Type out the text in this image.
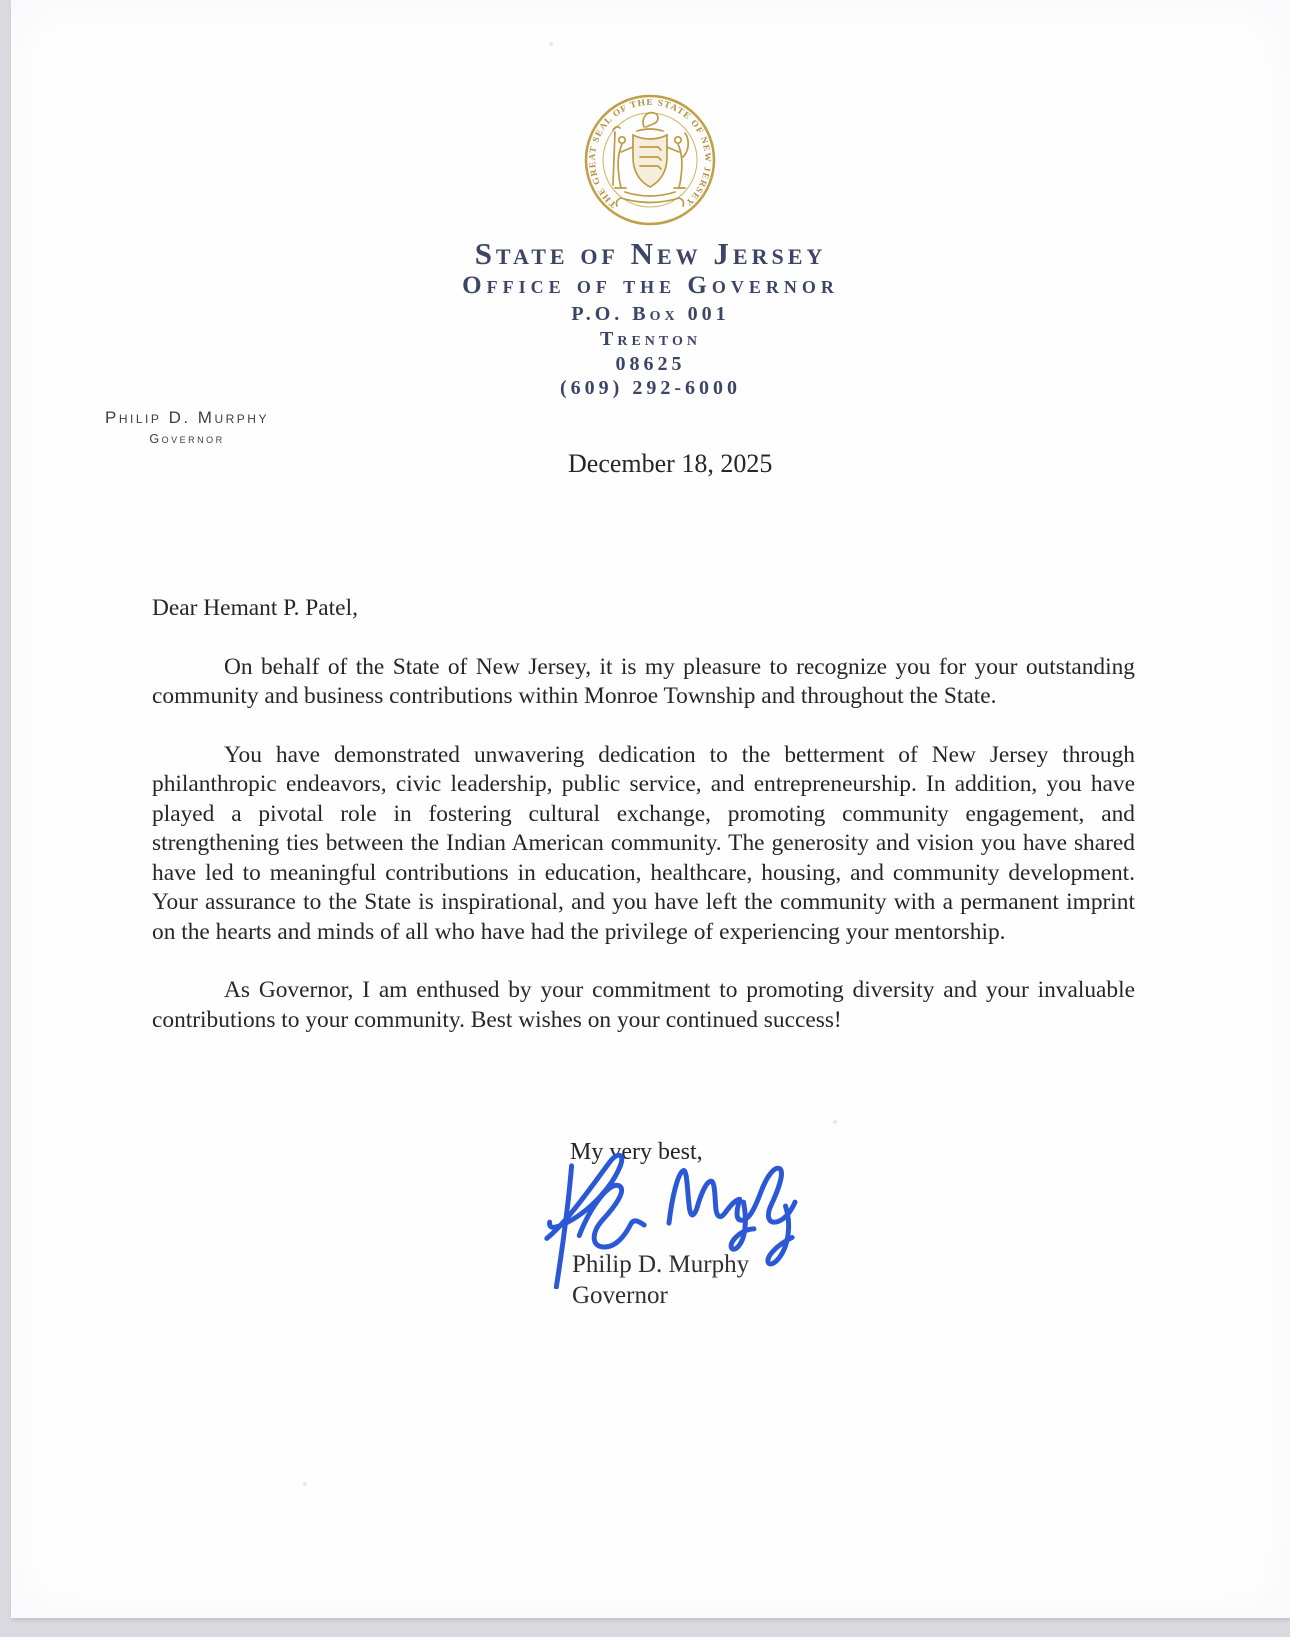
THE GREAT SEAL OF THE STATE OF NEW JERSEY
State of New Jersey
Office of the Governor
P.O. Box 001
Trenton
08625
(609) 292-6000
Philip D. Murphy
Governor
December 18, 2025

Dear Hemant P. Patel,

On behalf of the State of New Jersey, it is my pleasure to recognize you for your outstanding community and business contributions within Monroe Township and throughout the State.

You have demonstrated unwavering dedication to the betterment of New Jersey through philanthropic endeavors, civic leadership, public service, and entrepreneurship. In addition, you have played a pivotal role in fostering cultural exchange, promoting community engagement, and strengthening ties between the Indian American community. The generosity and vision you have shared have led to meaningful contributions in education, healthcare, housing, and community development. Your assurance to the State is inspirational, and you have left the community with a permanent imprint on the hearts and minds of all who have had the privilege of experiencing your mentorship.

As Governor, I am enthused by your commitment to promoting diversity and your invaluable contributions to your community. Best wishes on your continued success!

My very best,
Philip D. Murphy
Governor
